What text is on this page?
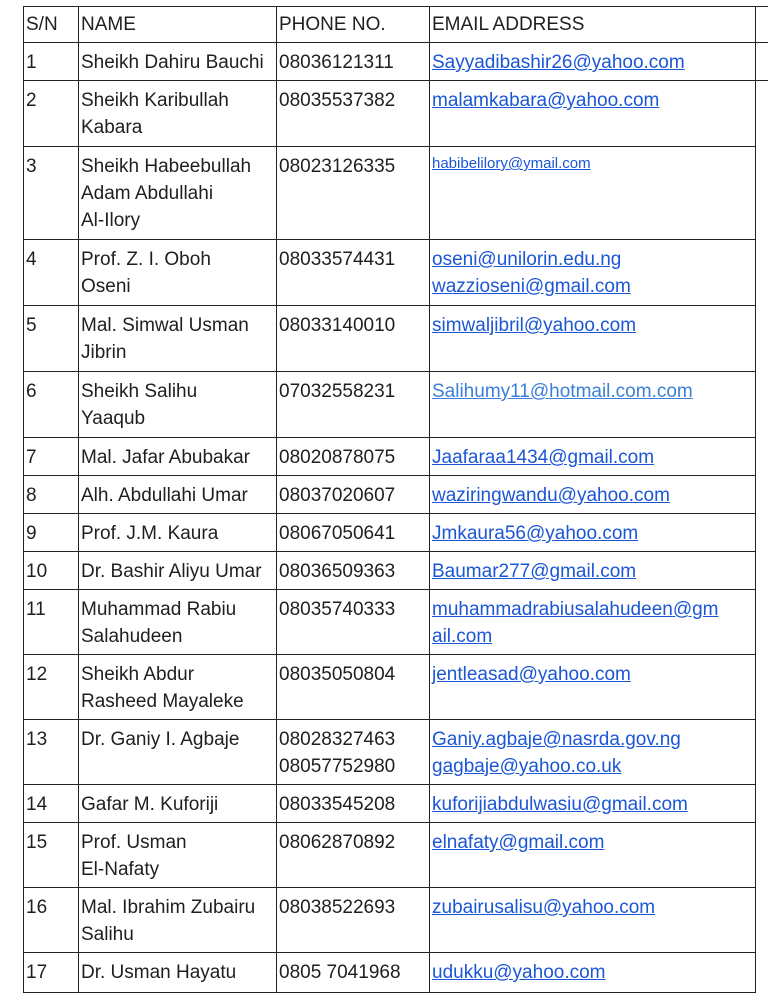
S/N	NAME	PHONE NO.	EMAIL ADDRESS	
1	Sheikh Dahiru Bauchi	08036121311	Sayyadibashir26@yahoo.com	

2	Sheikh Karibullah
Kabara	08035537382	malamkabara@yahoo.com	

3	Sheikh Habeebullah
Adam Abdullahi
Al-Ilory	08023126335	habibelilory@ymail.com	

4	Prof. Z. I. Oboh
Oseni	08033574431	oseni@unilorin.edu.ng
wazzioseni@gmail.com	

5	Mal. Simwal Usman
Jibrin	08033140010	simwaljibril@yahoo.com	

6	Sheikh Salihu
Yaaqub	07032558231	Salihumy11@hotmail.com.com	

7	Mal. Jafar Abubakar	08020878075	Jaafaraa1434@gmail.com	

8	Alh. Abdullahi Umar	08037020607	waziringwandu@yahoo.com	

9	Prof. J.M. Kaura	08067050641	Jmkaura56@yahoo.com	

10	Dr. Bashir Aliyu Umar	08036509363	Baumar277@gmail.com	

11	Muhammad Rabiu
Salahudeen	08035740333	muhammadrabiusalahudeen@gm
ail.com	

12	Sheikh Abdur
Rasheed Mayaleke	08035050804	jentleasad@yahoo.com	

13	Dr. Ganiy I. Agbaje	08028327463
08057752980	Ganiy.agbaje@nasrda.gov.ng
gagbaje@yahoo.co.uk	

14	Gafar M. Kuforiji	08033545208	kuforijiabdulwasiu@gmail.com	

15	Prof. Usman
El-Nafaty	08062870892	elnafaty@gmail.com	

16	Mal. Ibrahim Zubairu
Salihu	08038522693	zubairusalisu@yahoo.com	

17	Dr. Usman Hayatu	0805 7041968	udukku@yahoo.com	
